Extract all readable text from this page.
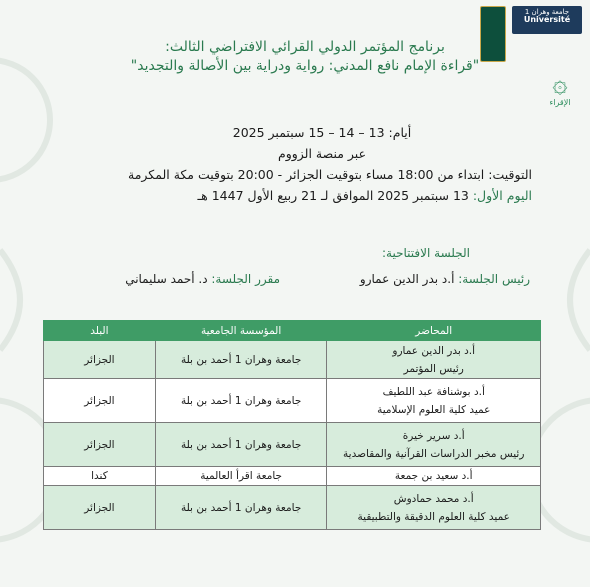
جامعة وهران 1
Université
۞
الإقراء
برنامج المؤتمر الدولي القرائي الافتراضي الثالث:
"قراءة الإمام نافع المدني: رواية ودراية بين الأصالة والتجديد"
أيام: 13 – 14 – 15 سبتمبر 2025
عبر منصة الزووم
التوقيت: ابتداء من 18:00 مساء بتوقيت الجزائر - 20:00 بتوقيت مكة المكرمة
اليوم الأول: 13 سبتمبر 2025 الموافق لـ 21 ربيع الأول 1447 هـ
الجلسة الافتتاحية:
رئيس الجلسة: أ.د بدر الدين عمارو
مقرر الجلسة: د. أحمد سليماني
المحاضر	المؤسسة الجامعية	البلد

أ.د بدر الدين عمارو
رئيس المؤتمر	جامعة وهران 1 أحمد بن بلة	الجزائر

أ.د بوشنافة عبد اللطيف
عميد كلية العلوم الإسلامية	جامعة وهران 1 أحمد بن بلة	الجزائر

أ.د سرير خيرة
رئيس مخبر الدراسات القرآنية والمقاصدية	جامعة وهران 1 أحمد بن بلة	الجزائر

أ.د سعيد بن جمعة	جامعة اقرأ العالمية	كندا

أ.د محمد حمادوش
عميد كلية العلوم الدقيقة والتطبيقية	جامعة وهران 1 أحمد بن بلة	الجزائر
